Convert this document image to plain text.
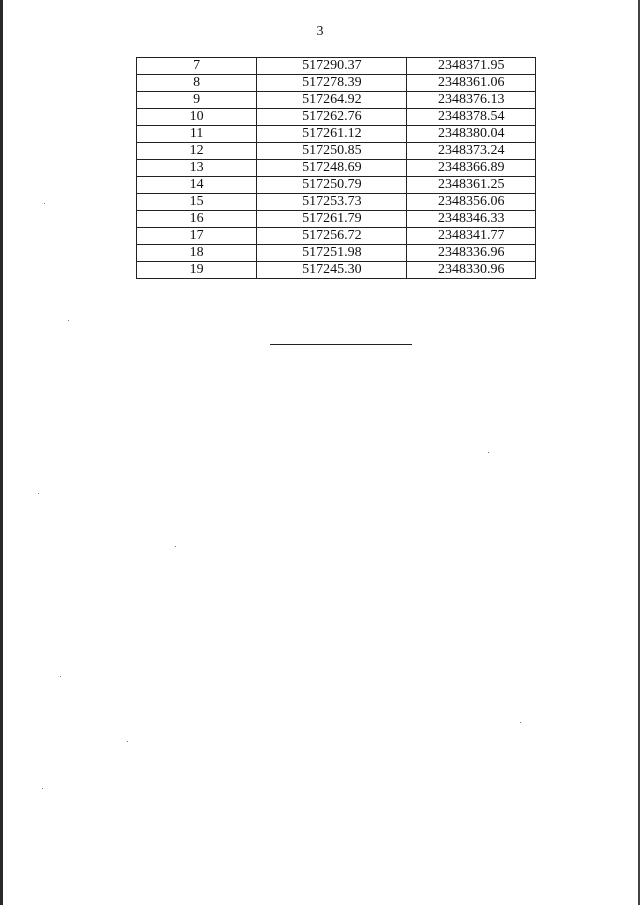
3
7	517290.37	2348371.95
8	517278.39	2348361.06
9	517264.92	2348376.13
10	517262.76	2348378.54
11	517261.12	2348380.04
12	517250.85	2348373.24
13	517248.69	2348366.89
14	517250.79	2348361.25
15	517253.73	2348356.06
16	517261.79	2348346.33
17	517256.72	2348341.77
18	517251.98	2348336.96
19	517245.30	2348330.96
